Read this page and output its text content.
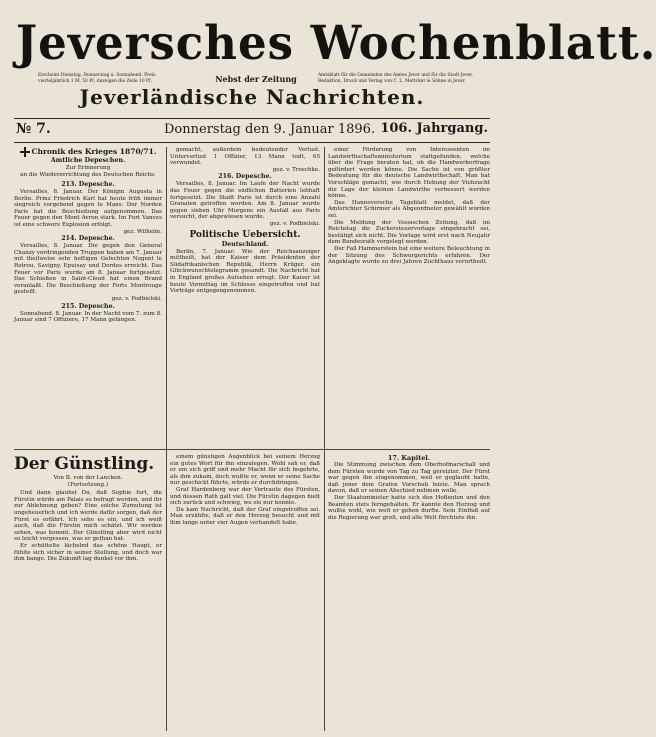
Jeversches Wochenblatt.
Erscheint Dienstag, Donnerstag u. Sonnabend. Preis vierteljährlich 1 M. 50 Pf. Anzeigen die Zeile 10 Pf.	Nebst der Zeitung	Amtsblatt für die Gemeinden des Amtes Jever und für die Stadt Jever. Redaktion, Druck und Verlag von C. L. Mettcker & Söhne in Jever.
Jeverländische Nachrichten.
№ 7.	Donnerstag den 9. Januar 1896. 106. Jahrgang.
Chronik des Krieges 1870/71.
Amtliche Depeschen.
Zur Erinnerung
an die Wiedererrichtung des Deutschen Reichs.
213. Depesche.
Versailles, 8. Januar. Der Königin Augusta in Berlin. Prinz Friedrich Karl hat heute früh immer siegreich vorgehend gegen le Mans. Der Norden Paris hat die Beschießung aufgenommen. Das Feuer gegen den Mont Avron stark. Im Fort Vanves ist eine schwere Explosion erfolgt.
gez. Wilhelm.
214. Depesche.
Versailles, 8. Januar. Die gegen den General Chanzy vordringenden Truppen haben am 7. Januar mit theilweise sehr heftigen Gefechten Nogent le Rotrou, Savigny, Epuisay und Dordes erreicht. Das Feuer vor Paris wurde am 8. Januar fortgesetzt. Das Schießen in Saint-Cloud hat einen Brand veranlaßt. Die Beschießung der Forts Montrouge gestellt.
gez. v. Podbielski.
215. Depesche.
Sonnabend, 8. Januar. In der Nacht vom 7. zum 8. Januar sind 7 Offiziere, 17 Mann gefangen.
gemacht, außerdem bedeutender Verlust. Unterverlust 1 Offizier, 13 Mann todt, 65 verwundet.
gez. v. Troschke.
216. Depesche.
Versailles, 8. Januar. Im Laufe der Nacht wurde das Feuer gegen die südlichen Batterien lebhaft fortgesetzt. Die Stadt Paris ist durch eine Anzahl Granaten getroffen worden. Am 8. Januar wurde gegen sieben Uhr Morgens ein Ausfall aus Paris versucht, der abgewiesen wurde.
gez. v. Podbielski.
Politische Uebersicht.
Deutschland.
Berlin, 7. Januar. Wie der Reichsanzeiger mittheilt, hat der Kaiser dem Präsidenten der Südafrikanischen Republik, Herrn Krüger, ein Glückwunschtelegramm gesandt. Die Nachricht hat in England großes Aufsehen erregt. Der Kaiser ist heute Vormittag im Schlosse eingetroffen und hat Vorträge entgegengenommen.
einer Förderung von Interessenten im Landwirthschaftsministerium stattgefunden, welche über die Frage beraten hat, ob die Handwerkerfrage gefördert werden könne. Die Sache ist von größter Bedeutung für die deutsche Landwirthschaft. Man hat Vorschläge gemacht, wie durch Hebung der Viehzucht die Lage der kleinen Landwirthe verbessert werden könne.
Das Hannoversche Tageblatt meldet, daß der Amtsrichter Schirmer als Abgeordneter gewählt worden sei.
Die Meldung der Vossischen Zeitung, daß im Reichstag die Zuckersteuervorlage eingebracht sei, bestätigt sich nicht. Die Vorlage wird erst nach Neujahr dem Bundesrath vorgelegt werden.
Der Fall Hammerstein hat eine weitere Beleuchtung in der Sitzung des Schwurgerichts erfahren. Der Angeklagte wurde zu drei Jahren Zuchthaus verurtheilt.
Der Günstling.
Von B. von der Lancken.
(Fortsetzung.)
Und dann glaubst Du, daß Sophie fort, die Fürstin würde am Palais so befragt werden, und ihr zur Ablehnung geben? Eine solche Zumutung ist ungeheuerlich und ich werde dafür sorgen, daß der Fürst es erfährt. Ich sehe es ein, und ich weiß auch, daß die Fürstin mich schätzt. Wir werden sehen, was kommt. Der Günstling aber wird nicht so leicht vergessen, was er gethan hat.
Er schüttelte lächelnd das schöne Haupt, er fühlte sich sicher in seiner Stellung, und doch war ihm bange. Die Zukunft lag dunkel vor ihm.
einem günstigen Augenblick bei seinem Herzog ein gutes Wort für ihn einzulegen. Wohl sah er, daß er um sich griff und mehr Macht für sich begehrte, als ihm zukam, doch wußte er, wenn er seine Sache nur geschickt führte, würde er durchdringen.
Graf Hardenberg war der Vertraute des Fürsten, und dessen Rath galt viel. Die Fürstin dagegen hielt sich zurück und schwieg, wo sie nur konnte.
Da kam Nachricht, daß der Graf eingetroffen sei. Man erzählte, daß er den Herzog besucht und mit ihm lange unter vier Augen verhandelt habe.
17. Kapitel.
Die Stimmung zwischen dem Oberhofmarschall und dem Fürsten wurde von Tag zu Tag gereizter. Der Fürst war gegen ihn eingenommen, weil er geglaubt hatte, daß jener dem Grafen Vorschub leiste. Man sprach davon, daß er seinen Abschied nehmen wolle.
Der Staatsminister hatte sich den Hofleuten und den Beamten stets ferngehalten. Er kannte den Herzog und wußte wohl, wie weit er gehen durfte. Sein Einfluß auf die Regierung war groß, und alle Welt fürchtete ihn.
